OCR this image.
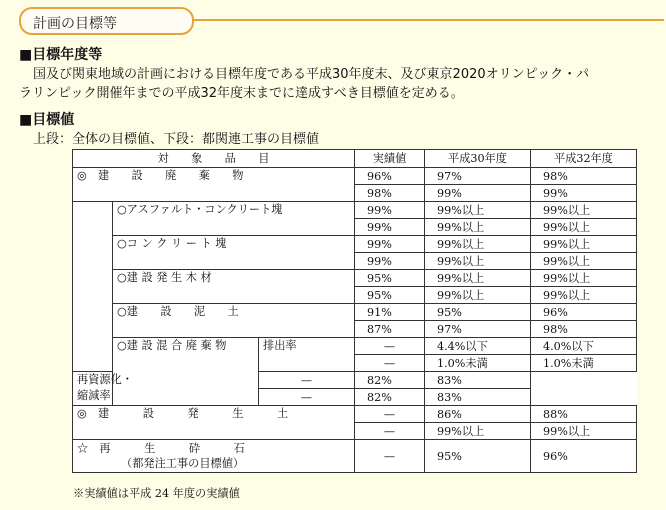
計画の目標等
■目標年度等
国及び関東地域の計画における目標年度である平成30年度末、及び東京2020オリンピック・パ
ラリンピック開催年までの平成32年度末までに達成すべき目標値を定める。
■目標値
上段：全体の目標値、下段：都関連工事の目標値
対　　象　　品　　目			実績値	平成30年度	平成32年度
◎　建　　設　　廃　　棄　　物			96%	97%	98%
			98%	99%	99%
	○アスファルト・コンクリート塊		99%	99%以上	99%以上
			99%	99%以上	99%以上
	○コ ン ク リ ー ト 塊		99%	99%以上	99%以上
			99%	99%以上	99%以上
	○建 設 発 生 木 材		95%	99%以上	99%以上
			95%	99%以上	99%以上
	○建　　設　　泥　　土		91%	95%	96%
			87%	97%	98%
	○建 設 混 合 廃 棄 物	排出率	—	4.4%以下	4.0%以下
			—	1.0%未満	1.0%未満
再資源化・
縮減率		—	82%	83%	
		—	82%	83%	
◎　建　　　設　　　発　　　生　　　土			—	86%	88%
			—	99%以上	99%以上
☆　再　　　生　　　砕　　　石
（都発注工事の目標値）			—	95%	96%
※実績値は平成 24 年度の実績値
